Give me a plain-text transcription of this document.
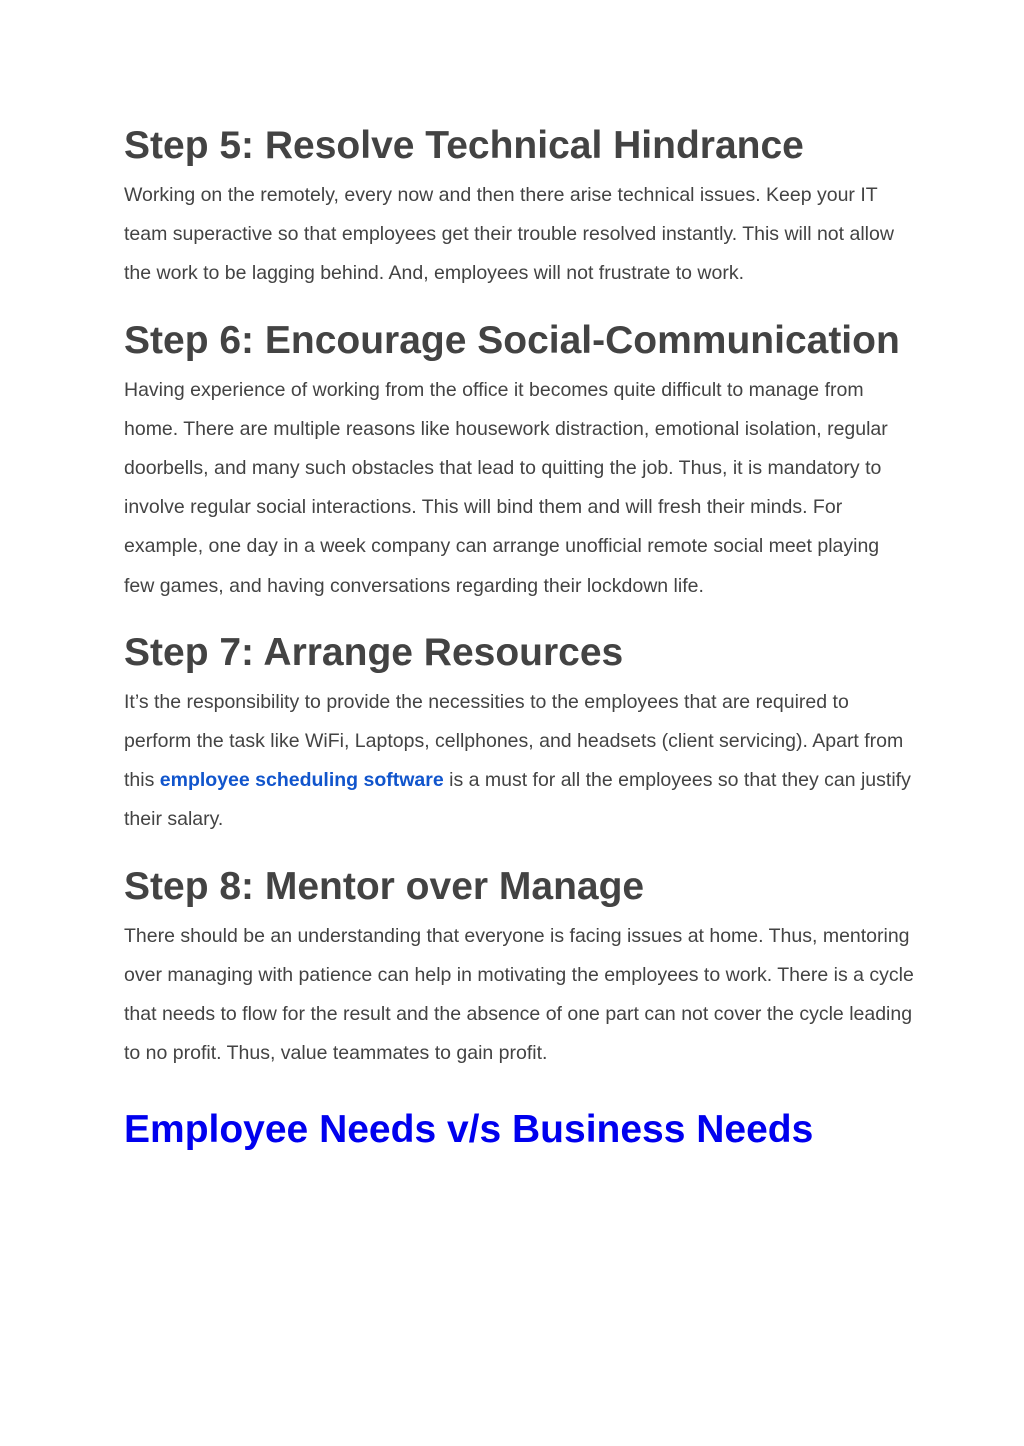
Step 5: Resolve Technical Hindrance

Working on the remotely, every now and then there arise technical issues. Keep your IT team superactive so that employees get their trouble resolved instantly. This will not allow the work to be lagging behind. And, employees will not frustrate to work.

Step 6: Encourage Social-Communication

Having experience of working from the office it becomes quite difficult to manage from home. There are multiple reasons like housework distraction, emotional isolation, regular doorbells, and many such obstacles that lead to quitting the job. Thus, it is mandatory to involve regular social interactions. This will bind them and will fresh their minds. For example, one day in a week company can arrange unofficial remote social meet playing few games, and having conversations regarding their lockdown life.

Step 7: Arrange Resources

It’s the responsibility to provide the necessities to the employees that are required to perform the task like WiFi, Laptops, cellphones, and headsets (client servicing). Apart from this employee scheduling software is a must for all the employees so that they can justify their salary.

Step 8: Mentor over Manage

There should be an understanding that everyone is facing issues at home. Thus, mentoring over managing with patience can help in motivating the employees to work. There is a cycle that needs to flow for the result and the absence of one part can not cover the cycle leading to no profit. Thus, value teammates to gain profit.

Employee Needs v/s Business Needs
